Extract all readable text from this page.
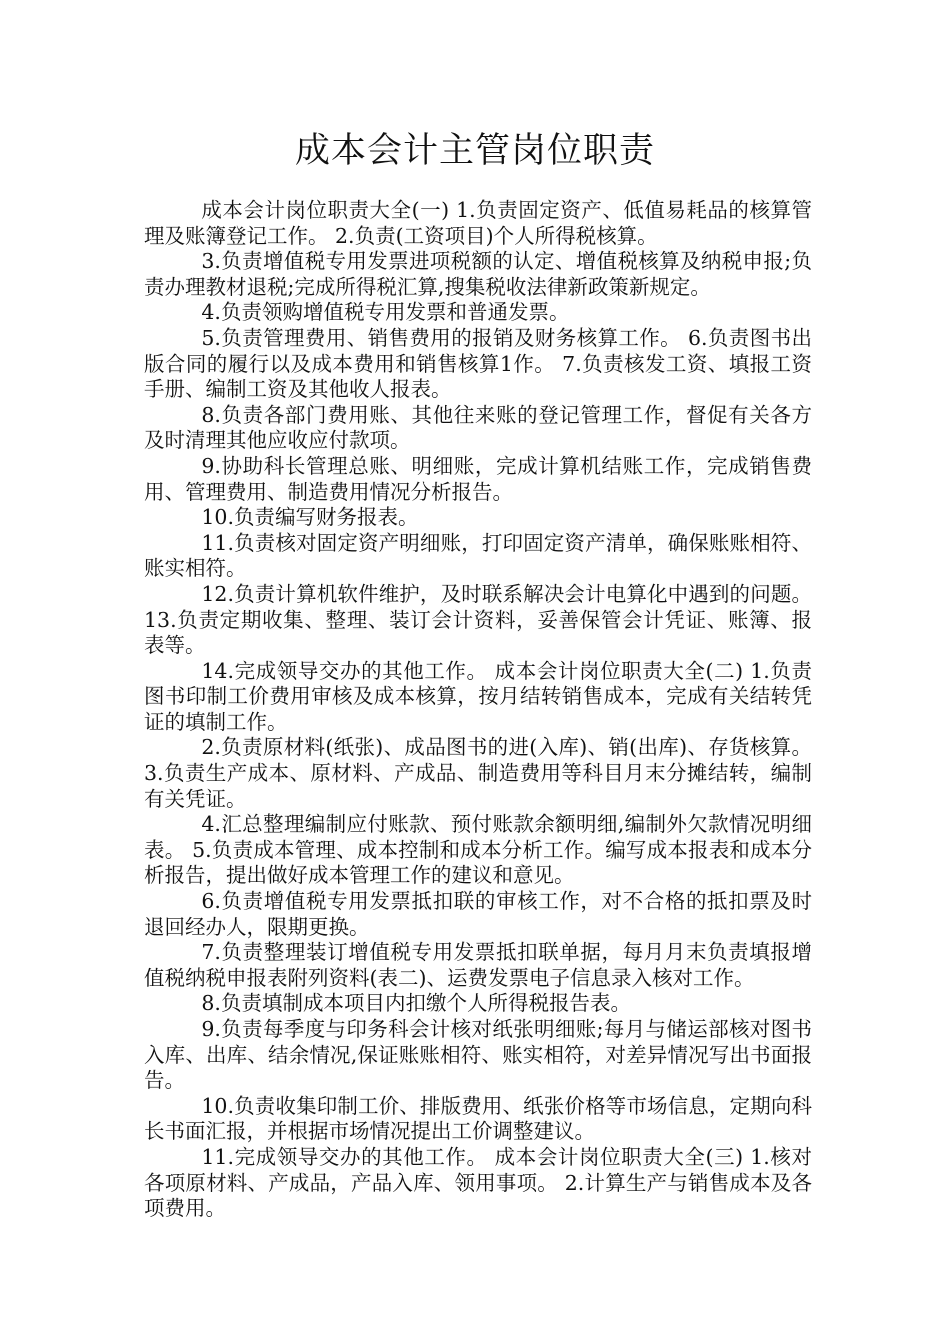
成本会计主管岗位职责

成本会计岗位职责大全(一) 1.负责固定资产、低值易耗品的核算管理及账簿登记工作。 2.负责(工资项目)个人所得税核算。

3.负责增值税专用发票进项税额的认定、增值税核算及纳税申报;负责办理教材退税;完成所得税汇算,搜集税收法律新政策新规定。

4.负责领购增值税专用发票和普通发票。

5.负责管理费用、销售费用的报销及财务核算工作。 6.负责图书出版合同的履行以及成本费用和销售核算1作。 7.负责核发工资、填报工资手册、编制工资及其他收人报表。

8.负责各部门费用账、其他往来账的登记管理工作，督促有关各方及时清理其他应收应付款项。

9.协助科长管理总账、明细账，完成计算机结账工作，完成销售费用、管理费用、制造费用情况分析报告。

10.负责编写财务报表。

11.负责核对固定资产明细账，打印固定资产清单，确保账账相符、账实相符。

12.负责计算机软件维护，及时联系解决会计电算化中遇到的问题。 13.负责定期收集、整理、装订会计资料，妥善保管会计凭证、账簿、报表等。

14.完成领导交办的其他工作。 成本会计岗位职责大全(二) 1.负责图书印制工价费用审核及成本核算，按月结转销售成本，完成有关结转凭证的填制工作。

2.负责原材料(纸张)、成品图书的进(入库)、销(出库)、存货核算。 3.负责生产成本、原材料、产成品、制造费用等科目月末分摊结转，编制有关凭证。

4.汇总整理编制应付账款、预付账款余额明细,编制外欠款情况明细表。 5.负责成本管理、成本控制和成本分析工作。编写成本报表和成本分析报告，提出做好成本管理工作的建议和意见。

6.负责增值税专用发票抵扣联的审核工作，对不合格的抵扣票及时退回经办人，限期更换。

7.负责整理装订增值税专用发票抵扣联单据，每月月末负责填报增值税纳税申报表附列资料(表二)、运费发票电子信息录入核对工作。

8.负责填制成本项目内扣缴个人所得税报告表。

9.负责每季度与印务科会计核对纸张明细账;每月与储运部核对图书入库、出库、结余情况,保证账账相符、账实相符，对差异情况写出书面报告。

10.负责收集印制工价、排版费用、纸张价格等市场信息，定期向科长书面汇报，并根据市场情况提出工价调整建议。

11.完成领导交办的其他工作。 成本会计岗位职责大全(三) 1.核对各项原材料、产成品，产品入库、领用事项。 2.计算生产与销售成本及各项费用。
